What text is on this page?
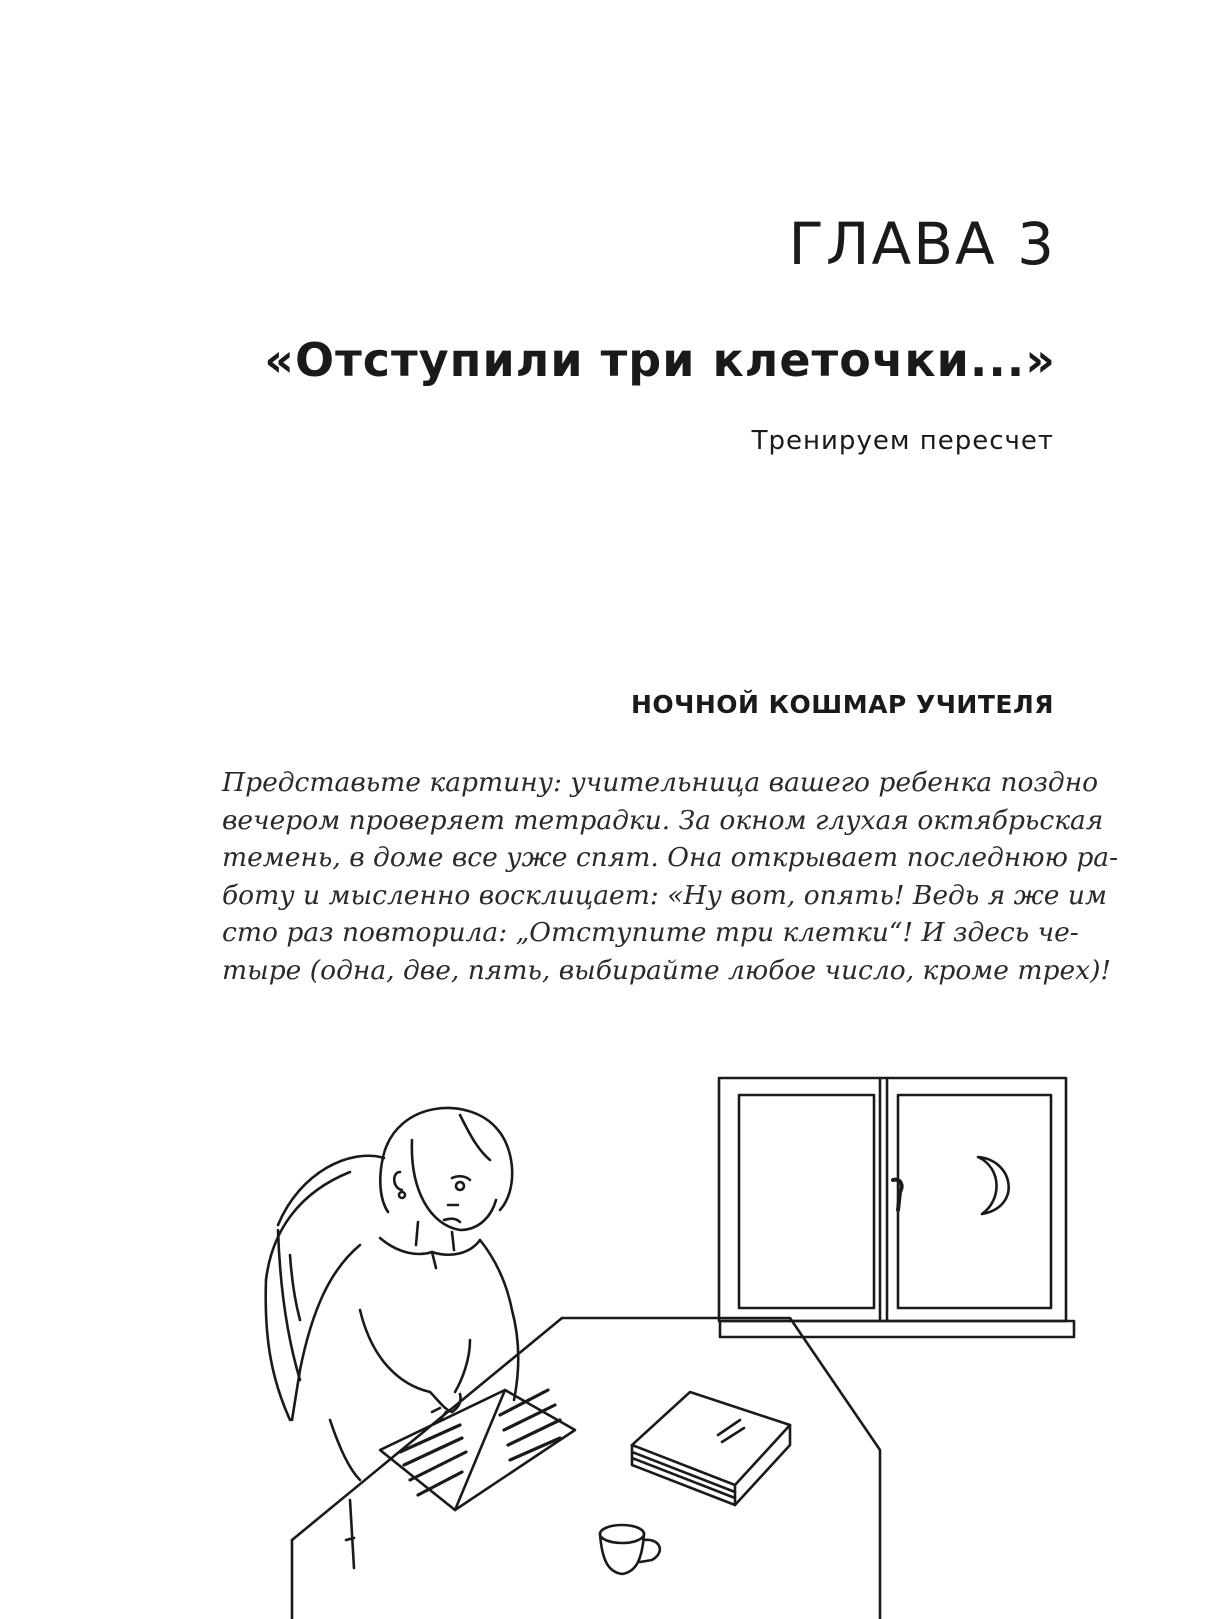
ГЛАВА 3
«Отступили три клеточки...»
Тренируем пересчет
НОЧНОЙ КОШМАР УЧИТЕЛЯ
Представьте картину: учительница вашего ребенка поздно
вечером проверяет тетрадки. За окном глухая октябрьская
темень, в доме все уже спят. Она открывает последнюю ра-
боту и мысленно восклицает: «Ну вот, опять! Ведь я же им
сто раз повторила: „Отступите три клетки“! И здесь че-
тыре (одна, две, пять, выбирайте любое число, кроме трех)!
